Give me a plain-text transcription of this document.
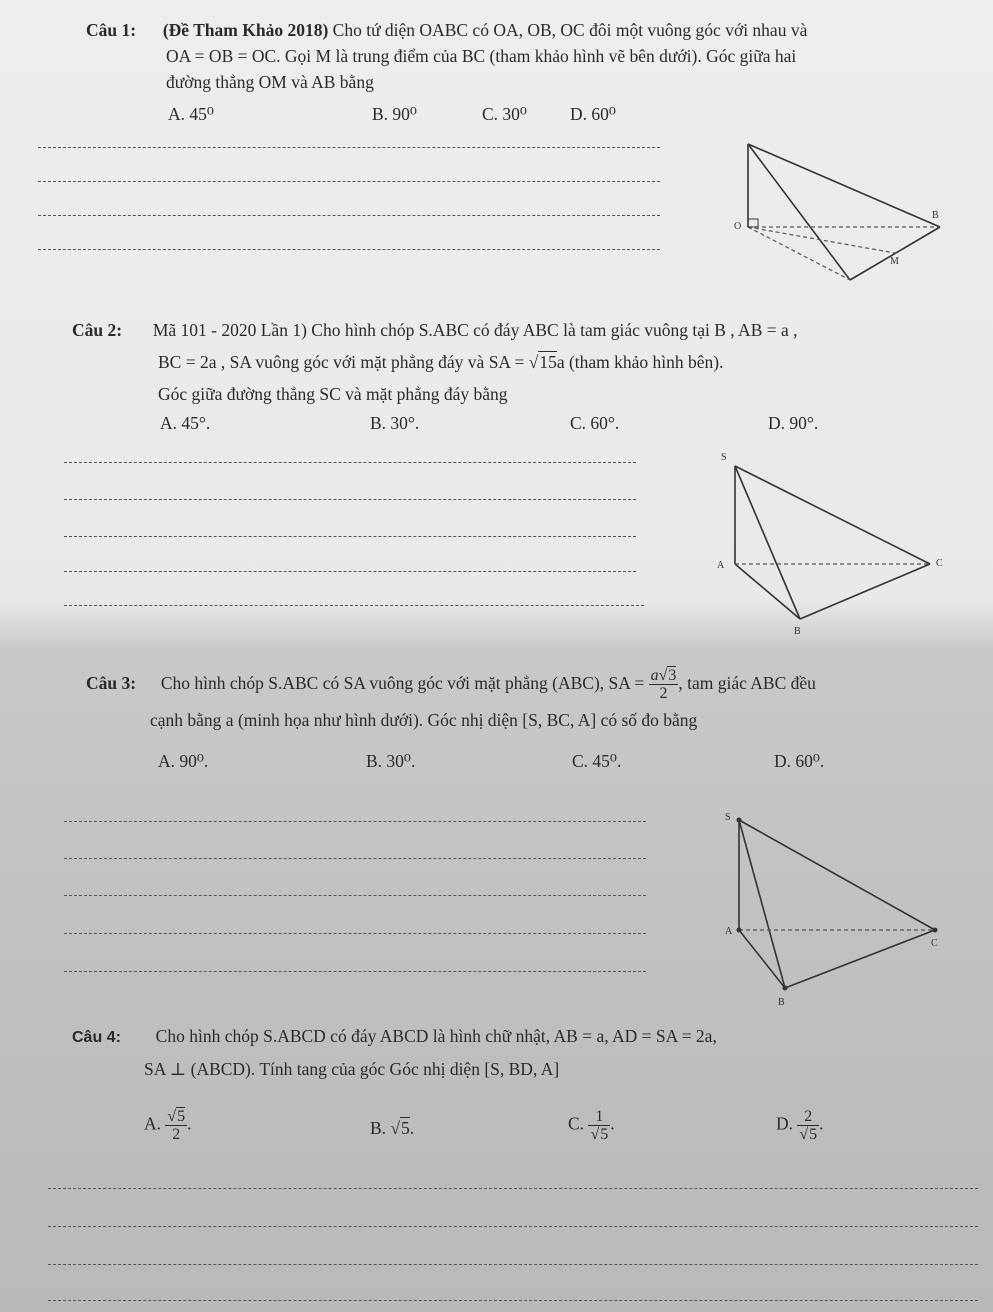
Câu 1: (Đề Tham Khảo 2018) Cho tứ diện OABC có OA, OB, OC đôi một vuông góc với nhau và
OA = OB = OC. Gọi M là trung điểm của BC (tham khảo hình vẽ bên dưới). Góc giữa hai
đường thẳng OM và AB bằng
A. 45⁰	B. 90⁰	C. 30⁰ D. 60⁰
O
B
M
Câu 2: Mã 101 - 2020 Lần 1) Cho hình chóp S.ABC có đáy ABC là tam giác vuông tại B , AB = a ,
BC = 2a , SA vuông góc với mặt phẳng đáy và SA = √15a (tham khảo hình bên).
Góc giữa đường thẳng SC và mặt phẳng đáy bằng
A. 45°.	B. 30°.	C. 60°.	D. 90°.
S
A
B
C
Câu 3: Cho hình chóp S.ABC có SA vuông góc với mặt phẳng (ABC), SA = $\frac{a√3}{2}$ , tam giác ABC đều
cạnh bằng a (minh họa như hình dưới). Góc nhị diện [S, BC, A] có số đo bằng
A. 90⁰.	B. 30⁰.	C. 45⁰.	D. 60⁰.
S
A
B
C
Câu 4: Cho hình chóp S.ABCD có đáy ABCD là hình chữ nhật, AB = a, AD = SA = 2a,
SA ⊥ (ABCD). Tính tang của góc Góc nhị diện [S, BD, A]
A. $\frac{√5}{2}$ .	B. √5.	C. $\frac{1}{√5}$ .	D. $\frac{2}{√5}$ .
